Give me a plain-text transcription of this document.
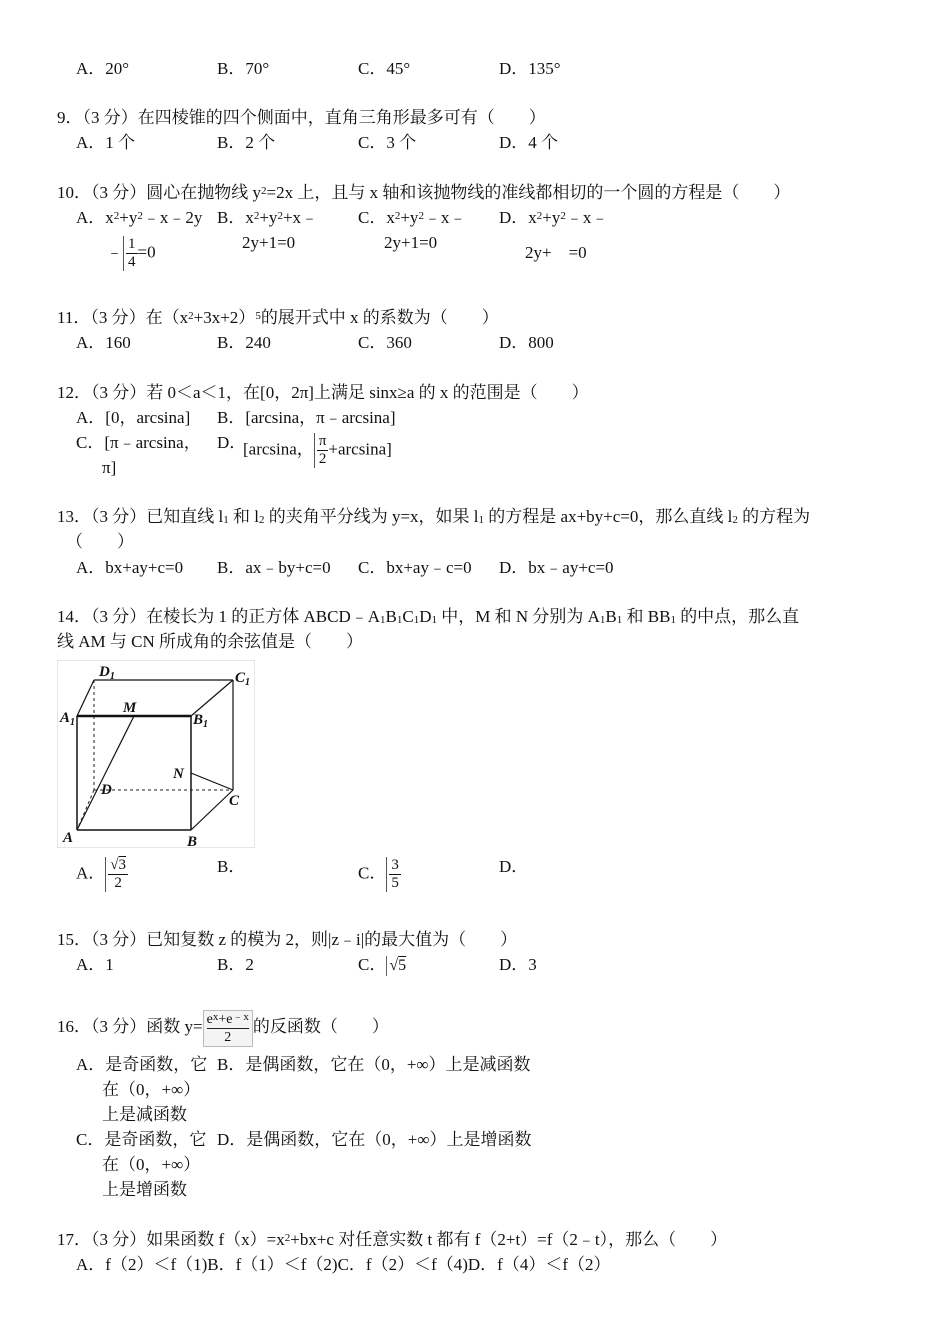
A．20°	B．70°	C．45°	D．135°
9．（3 分）在四棱锥的四个侧面中，直角三角形最多可有（　　）
A．1 个	B．2 个	C．3 个	D．4 个
10．（3 分）圆心在抛物线 $y^2=2x$ 上，且与 x 轴和该抛物线的准线都相切的一个圆的方程是（　　）
A．$x^2+y^2﹣x﹣2y$
﹣ $\frac{1}{4} =0$
B．$x^2+y^2+x﹣$
2y+1=0
C．$x^2+y^2﹣x﹣$
2y+1=0
D．$x^2+y^2﹣x﹣$
2y+　=0
11．（3 分）在$(x^2+3x+2)^5$的展开式中 x 的系数为（　　）
A．160	B．240	C．360	D．800
12．（3 分）若 0＜a＜1，在[0，2π]上满足 sinx≥a 的 x 的范围是（　　）
A．[0，arcsina] B．[arcsina，π﹣arcsina]
C．[π﹣arcsina，
π]
D．
[arcsina， $\frac{\pi}{2} +\arcsin a$]
13．（3 分）已知直线 $l_1$ 和 $l_2$ 的夹角平分线为 y=x，如果 $l_1$ 的方程是 ax+by+c=0，那么直线 $l_2$ 的方程为
（　　）
A．bx+ay+c=0 B．ax﹣by+c=0 C．bx+ay﹣c=0 D．bx﹣ay+c=0
14．（3 分）在棱长为 1 的正方体 $ABCD﹣A_1B_1C_1D_1$ 中，M 和 N 分别为 $A_1B_1$ 和 $BB_1$ 的中点，那么直
线 AM 与 CN 所成角的余弦值是（　　）
$D_1$	$C_1$
$A_1$	$B_1$
M
N
D
C
A	B
A． $\frac{√3}{2}$	B．	C． $\frac{3}{5}$	D．
15．（3 分）已知复数 z 的模为 2，则|z﹣i|的最大值为（　　）
A．1	B．2	C． √5	D．3
16．（3 分）函数 $y= \frac{e^x+e^{﹣x}}{2}$的反函数（　　）
A．是奇函数，它
在（0，+∞）
上是减函数
B．是偶函数，它在（0，+∞）上是减函数
C．是奇函数，它
在（0，+∞）
上是增函数
D．是偶函数，它在（0，+∞）上是增函数
17．（3 分）如果函数 $f(x)=x^2+bx+c$ 对任意实数 t 都有 f（2+t）=f（2﹣t），那么（　　）
A．f（2）＜f（1)B．f（1）＜f（2)C．f（2）＜f（4)D．f（4）＜f（2）
